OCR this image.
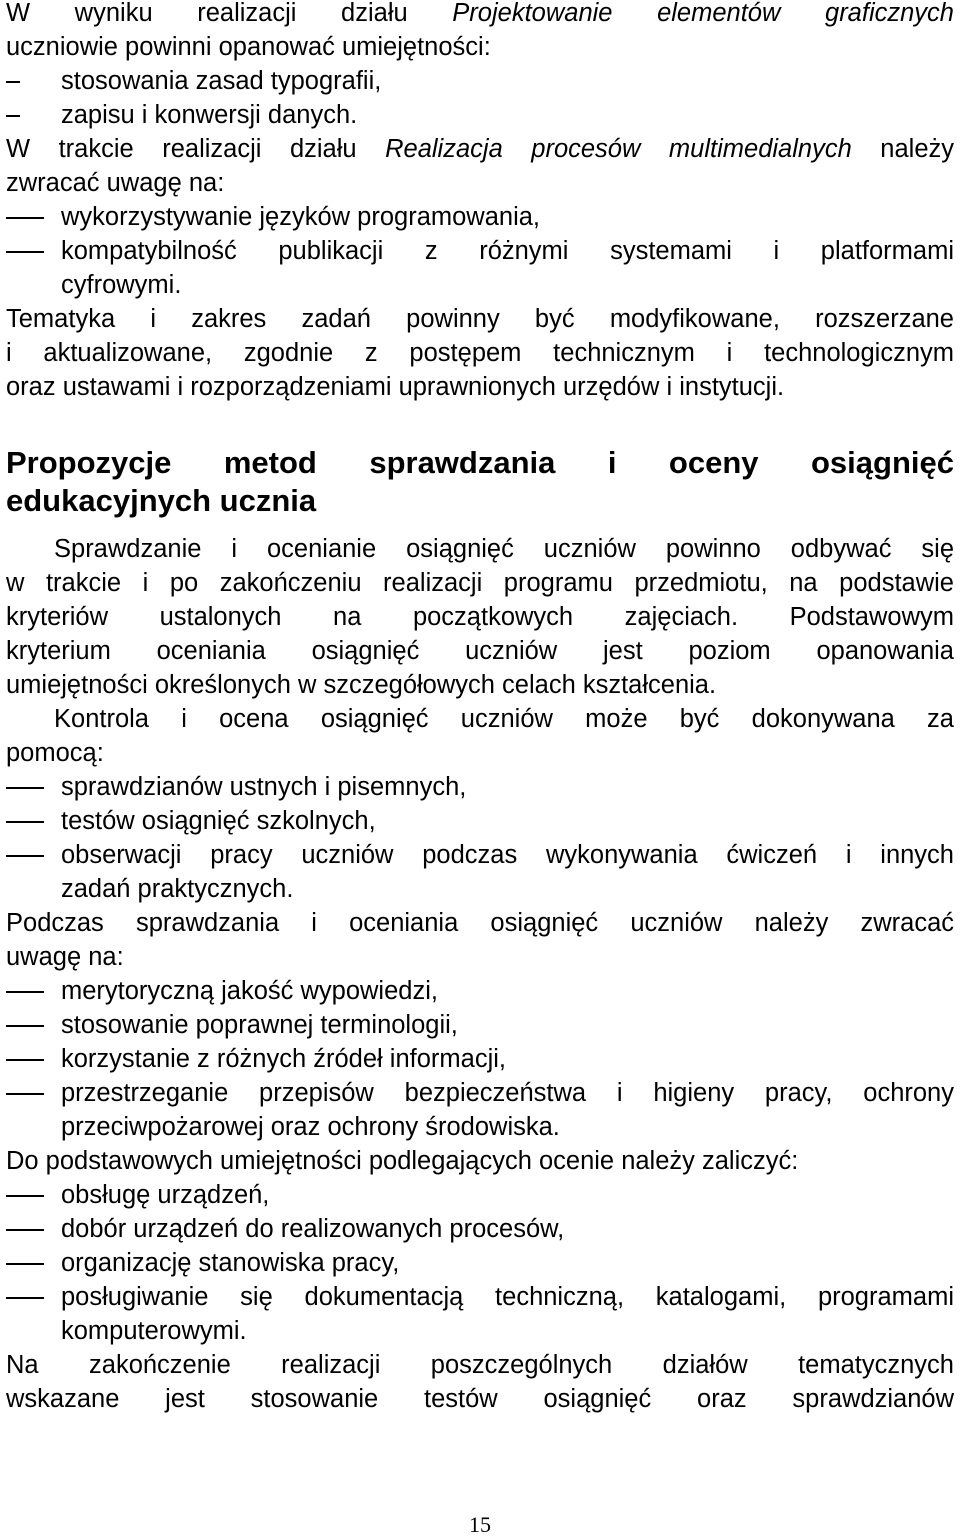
W wyniku realizacji działu Projektowanie elementów graficznych
uczniowie powinni opanować umiejętności:
stosowania zasad typografii,
zapisu i konwersji danych.
W trakcie realizacji działu Realizacja procesów multimedialnych należy
zwracać uwagę na:
wykorzystywanie języków programowania,
kompatybilność publikacji z różnymi systemami i platformami
cyfrowymi.
Tematyka i zakres zadań powinny być modyfikowane, rozszerzane
i aktualizowane, zgodnie z postępem technicznym i technologicznym
oraz ustawami i rozporządzeniami uprawnionych urzędów i instytucji.
Propozycje metod sprawdzania i oceny osiągnięć
edukacyjnych ucznia
Sprawdzanie i ocenianie osiągnięć uczniów powinno odbywać się
w trakcie i po zakończeniu realizacji programu przedmiotu, na podstawie
kryteriów ustalonych na początkowych zajęciach. Podstawowym
kryterium oceniania osiągnięć uczniów jest poziom opanowania
umiejętności określonych w szczegółowych celach kształcenia.
Kontrola i ocena osiągnięć uczniów może być dokonywana za
pomocą:
sprawdzianów ustnych i pisemnych,
testów osiągnięć szkolnych,
obserwacji pracy uczniów podczas wykonywania ćwiczeń i innych
zadań praktycznych.
Podczas sprawdzania i oceniania osiągnięć uczniów należy zwracać
uwagę na:
merytoryczną jakość wypowiedzi,
stosowanie poprawnej terminologii,
korzystanie z różnych źródeł informacji,
przestrzeganie przepisów bezpieczeństwa i higieny pracy, ochrony
przeciwpożarowej oraz ochrony środowiska.
Do podstawowych umiejętności podlegających ocenie należy zaliczyć:
obsługę urządzeń,
dobór urządzeń do realizowanych procesów,
organizację stanowiska pracy,
posługiwanie się dokumentacją techniczną, katalogami, programami
komputerowymi.
Na zakończenie realizacji poszczególnych działów tematycznych
wskazane jest stosowanie testów osiągnięć oraz sprawdzianów
15
